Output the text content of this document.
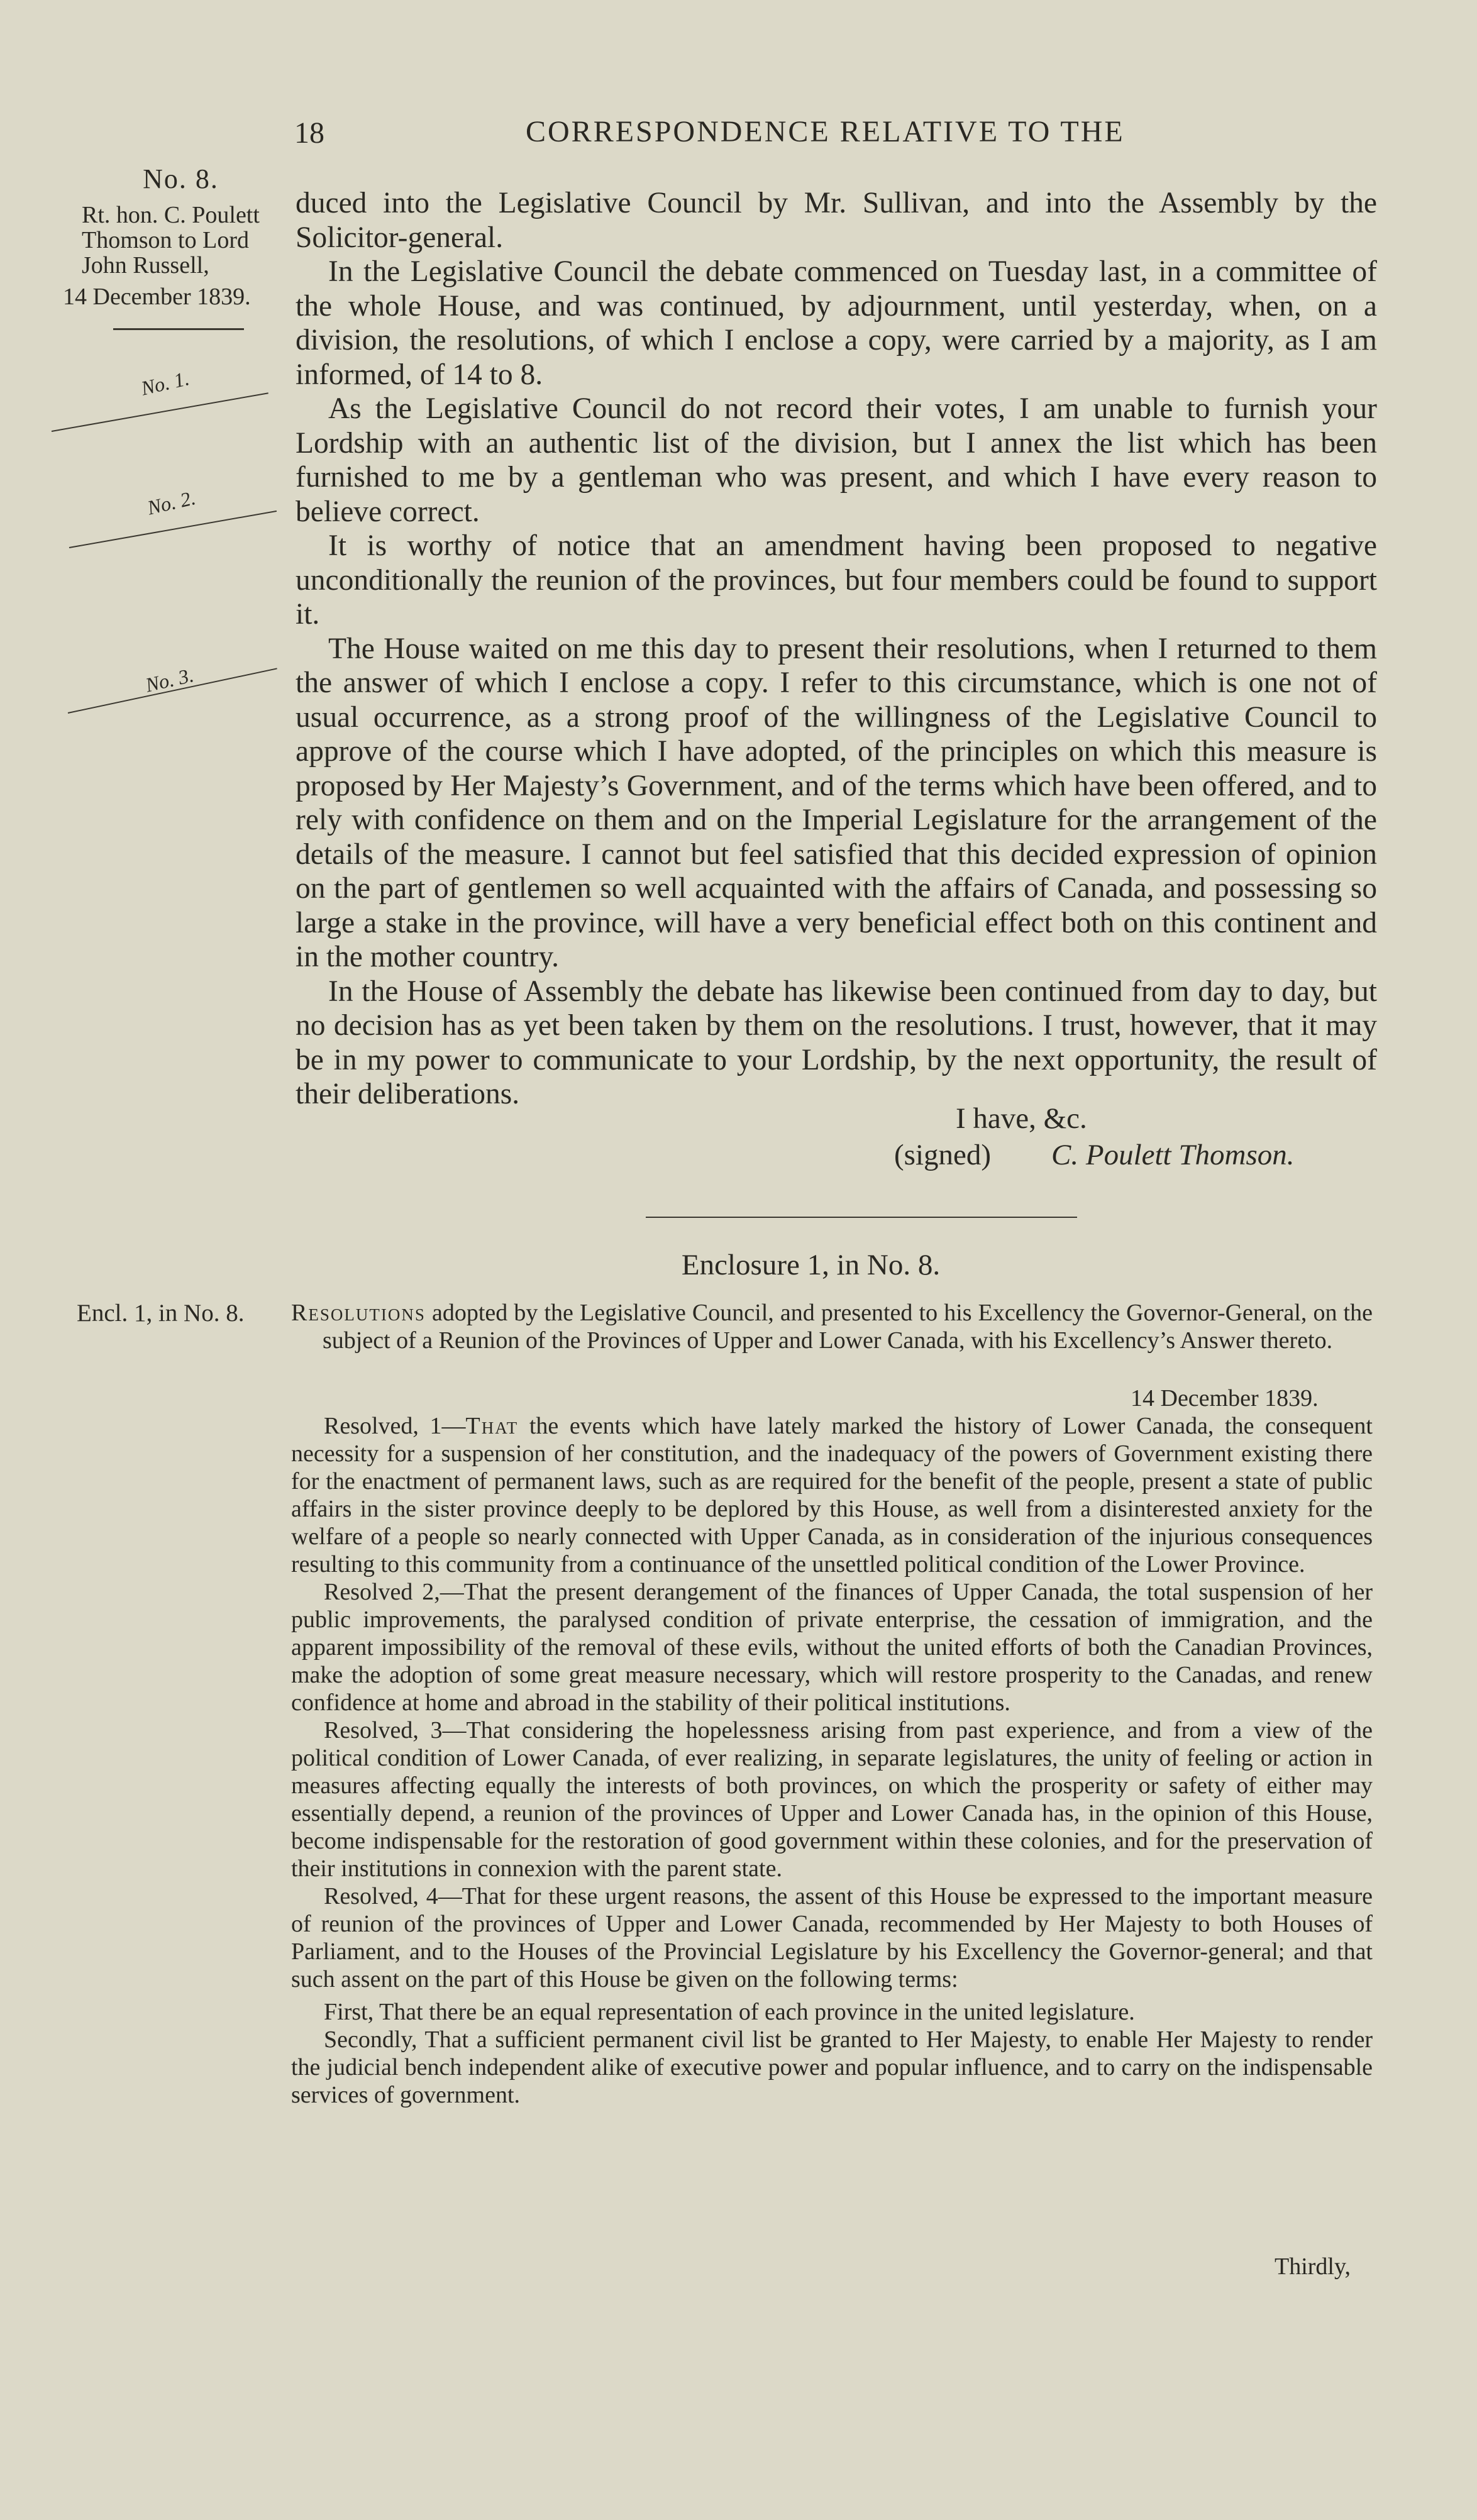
18	CORRESPONDENCE RELATIVE TO THE
No. 8.
Rt. hon. C. Poulett
Thomson to Lord
John Russell,
14 December 1839.
No. 1.
No. 2.
No. 3.

duced into the Legislative Council by Mr. Sullivan, and into the Assembly by the Solicitor-general.

In the Legislative Council the debate commenced on Tuesday last, in a committee of the whole House, and was continued, by adjournment, until yesterday, when, on a division, the resolutions, of which I enclose a copy, were carried by a majority, as I am informed, of 14 to 8.

As the Legislative Council do not record their votes, I am unable to furnish your Lordship with an authentic list of the division, but I annex the list which has been furnished to me by a gentleman who was present, and which I have every reason to believe correct.

It is worthy of notice that an amendment having been proposed to negative unconditionally the reunion of the provinces, but four members could be found to support it.

The House waited on me this day to present their resolutions, when I returned to them the answer of which I enclose a copy. I refer to this circumstance, which is one not of usual occurrence, as a strong proof of the willingness of the Legislative Council to approve of the course which I have adopted, of the principles on which this measure is proposed by Her Majesty’s Government, and of the terms which have been offered, and to rely with confidence on them and on the Imperial Legislature for the arrangement of the details of the measure. I cannot but feel satisfied that this decided expression of opinion on the part of gentlemen so well acquainted with the affairs of Canada, and possessing so large a stake in the province, will have a very beneficial effect both on this continent and in the mother country.

In the House of Assembly the debate has likewise been continued from day to day, but no decision has as yet been taken by them on the resolutions. I trust, however, that it may be in my power to communicate to your Lordship, by the next opportunity, the result of their deliberations.

I have, &c.
(signed) C. Poulett Thomson.
Enclosure 1, in No. 8.
Encl. 1, in No. 8. Resolutions adopted by the Legislative Council, and presented to his Excellency the Governor-General, on the subject of a Reunion of the Provinces of Upper and Lower Canada, with his Excellency’s Answer thereto.

14 December 1839.

Resolved, 1—That the events which have lately marked the history of Lower Canada, the consequent necessity for a suspension of her constitution, and the inadequacy of the powers of Government existing there for the enactment of permanent laws, such as are required for the benefit of the people, present a state of public affairs in the sister province deeply to be deplored by this House, as well from a disinterested anxiety for the welfare of a people so nearly connected with Upper Canada, as in consideration of the injurious consequences resulting to this community from a continuance of the unsettled political condition of the Lower Province.

Resolved 2,—That the present derangement of the finances of Upper Canada, the total suspension of her public improvements, the paralysed condition of private enterprise, the cessation of immigration, and the apparent impossibility of the removal of these evils, without the united efforts of both the Canadian Provinces, make the adoption of some great measure necessary, which will restore prosperity to the Canadas, and renew confidence at home and abroad in the stability of their political institutions.

Resolved, 3—That considering the hopelessness arising from past experience, and from a view of the political condition of Lower Canada, of ever realizing, in separate legislatures, the unity of feeling or action in measures affecting equally the interests of both provinces, on which the prosperity or safety of either may essentially depend, a reunion of the provinces of Upper and Lower Canada has, in the opinion of this House, become indispensable for the restoration of good government within these colonies, and for the preservation of their institutions in connexion with the parent state.

Resolved, 4—That for these urgent reasons, the assent of this House be expressed to the important measure of reunion of the provinces of Upper and Lower Canada, recommended by Her Majesty to both Houses of Parliament, and to the Houses of the Provincial Legislature by his Excellency the Governor-general; and that such assent on the part of this House be given on the following terms:

First, That there be an equal representation of each province in the united legislature.

Secondly, That a sufficient permanent civil list be granted to Her Majesty, to enable Her Majesty to render the judicial bench independent alike of executive power and popular influence, and to carry on the indispensable services of government.

Thirdly,
